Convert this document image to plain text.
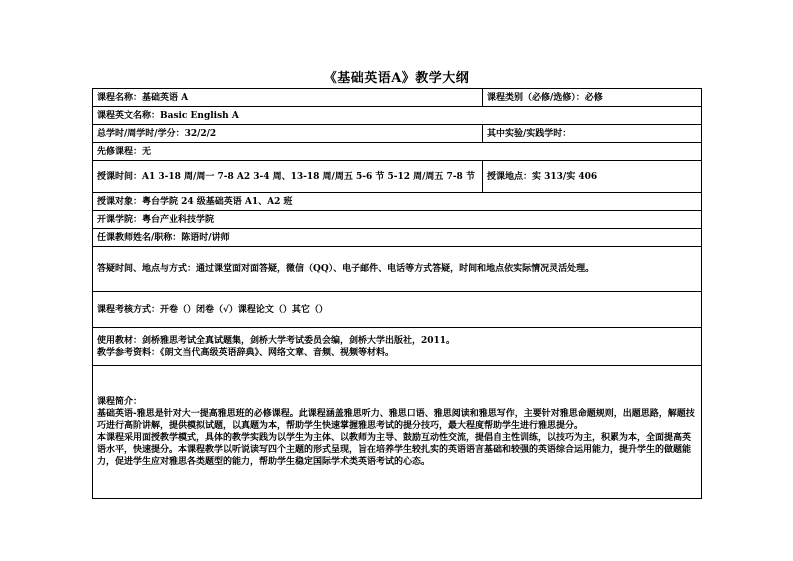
《基础英语A》教学大纲
课程名称：基础英语 A	课程类别（必修/选修）：必修
课程英文名称：Basic English A	
总学时/周学时/学分：32/2/2	其中实验/实践学时：
先修课程：无	
授课时间：A1 3-18 周/周一 7-8 A2 3-4 周、13-18 周/周五 5-6 节 5-12 周/周五 7-8 节	授课地点：实 313/实 406
授课对象：粤台学院 24 级基础英语 A1、A2 班	
开课学院：粤台产业科技学院	
任课教师姓名/职称：陈语时/讲师	
答疑时间、地点与方式：通过课堂面对面答疑，微信（QQ）、电子邮件、电话等方式答疑，时间和地点依实际情况灵活处理。	
课程考核方式：开卷（）闭卷（√）课程论文（）其它（）	

使用教材：剑桥雅思考试全真试题集，剑桥大学考试委员会编，剑桥大学出版社，2011。
教学参考资料：《朗文当代高级英语辞典》、网络文章、音频、视频等材料。	

课程简介：
基础英语-雅思是针对大一提高雅思班的必修课程。此课程涵盖雅思听力、雅思口语、雅思阅读和雅思写作，主要针对雅思命题规则，出题思路，解题技巧进行高阶讲解，提供模拟试题，以真题为本，帮助学生快速掌握雅思考试的提分技巧，最大程度帮助学生进行雅思提分。
本课程采用面授教学模式，具体的教学实践为以学生为主体、以教师为主导、鼓励互动性交流，提倡自主性训练，以技巧为主，积累为本，全面提高英语水平，快速提分。本课程教学以听说读写四个主题的形式呈现，旨在培养学生较扎实的英语语言基础和较强的英语综合运用能力，提升学生的做题能力，促进学生应对雅思各类题型的能力，帮助学生稳定国际学术类英语考试的心态。	
